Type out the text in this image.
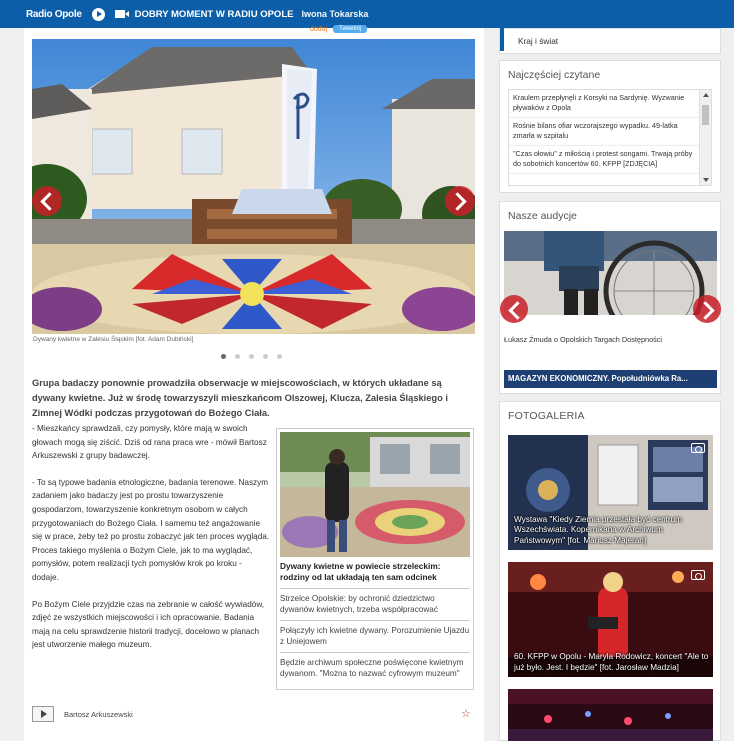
Radio Opole	DOBRY MOMENT W RADIU OPOLE Iwona Tokarska
dodaj	Tweetnij
Dywany kwietne w Zalesiu Śląskim [fot. Adam Dubiński]
Grupa badaczy ponownie prowadziła obserwacje w miejscowościach, w których układane są dywany kwietne. Już w środę towarzyszyli mieszkańcom Olszowej, Klucza, Zalesia Śląskiego i Zimnej Wódki podczas przygotowań do Bożego Ciała.

- Mieszkańcy sprawdzali, czy pomysły, które mają w swoich głowach mogą się ziścić. Dziś od rana praca wre - mówił Bartosz Arkuszewski z grupy badawczej.

- To są typowe badania etnologiczne, badania terenowe. Naszym zadaniem jako badaczy jest po prostu towarzyszenie gospodarzom, towarzyszenie konkretnym osobom w całych przygotowaniach do Bożego Ciała. I samemu też angażowanie się w prace, żeby też po prostu zobaczyć jak ten proces wygląda. Proces takiego myślenia o Bożym Ciele, jak to ma wyglądać, pomysłów, potem realizacji tych pomysłów krok po kroku - dodaje.

Po Bożym Ciele przyjdzie czas na zebranie w całość wywiadów, zdjęć ze wszystkich miejscowości i ich opracowanie. Badania mają na celu sprawdzenie historii tradycji, docelowo w planach jest utworzenie małego muzeum.

Dywany kwietne w powiecie strzeleckim: rodziny od lat układają ten sam odcinek
Strzelce Opolskie: by ochronić dziedzictwo dywanów kwietnych, trzeba współpracować
Połączyły ich kwietne dywany. Porozumienie Ujazdu z Uniejowem
Będzie archiwum społeczne poświęcone kwietnym dywanom. "Można to nazwać cyfrowym muzeum"
Bartosz Arkuszewski	☆
Kraj i świat
Najczęściej czytane
Kraulem przepłynęli z Korsyki na Sardynię. Wyzwanie pływaków z Opola
Rośnie bilans ofiar wczorajszego wypadku. 49-latka zmarła w szpitalu
"Czas ołowiu" z miłością i protest songami. Trwają próby do sobotnich koncertów 60. KFPP [ZDJĘCIA]
Nasze audycje
Łukasz Żmuda o Opolskich Targach Dostępności
MAGAZYN EKONOMICZNY. Popołudniówka Ra...
FOTOGALERIA
Wystawa "Kiedy Ziemia przestała być centrum Wszechświata. Kopernikana w Archiwum Państwowym" [fot. Mariusz Majeran]
60. KFPP w Opolu - Maryla Rodowicz, koncert "Ale to już było. Jest. I będzie" [fot. Jarosław Madzia]
